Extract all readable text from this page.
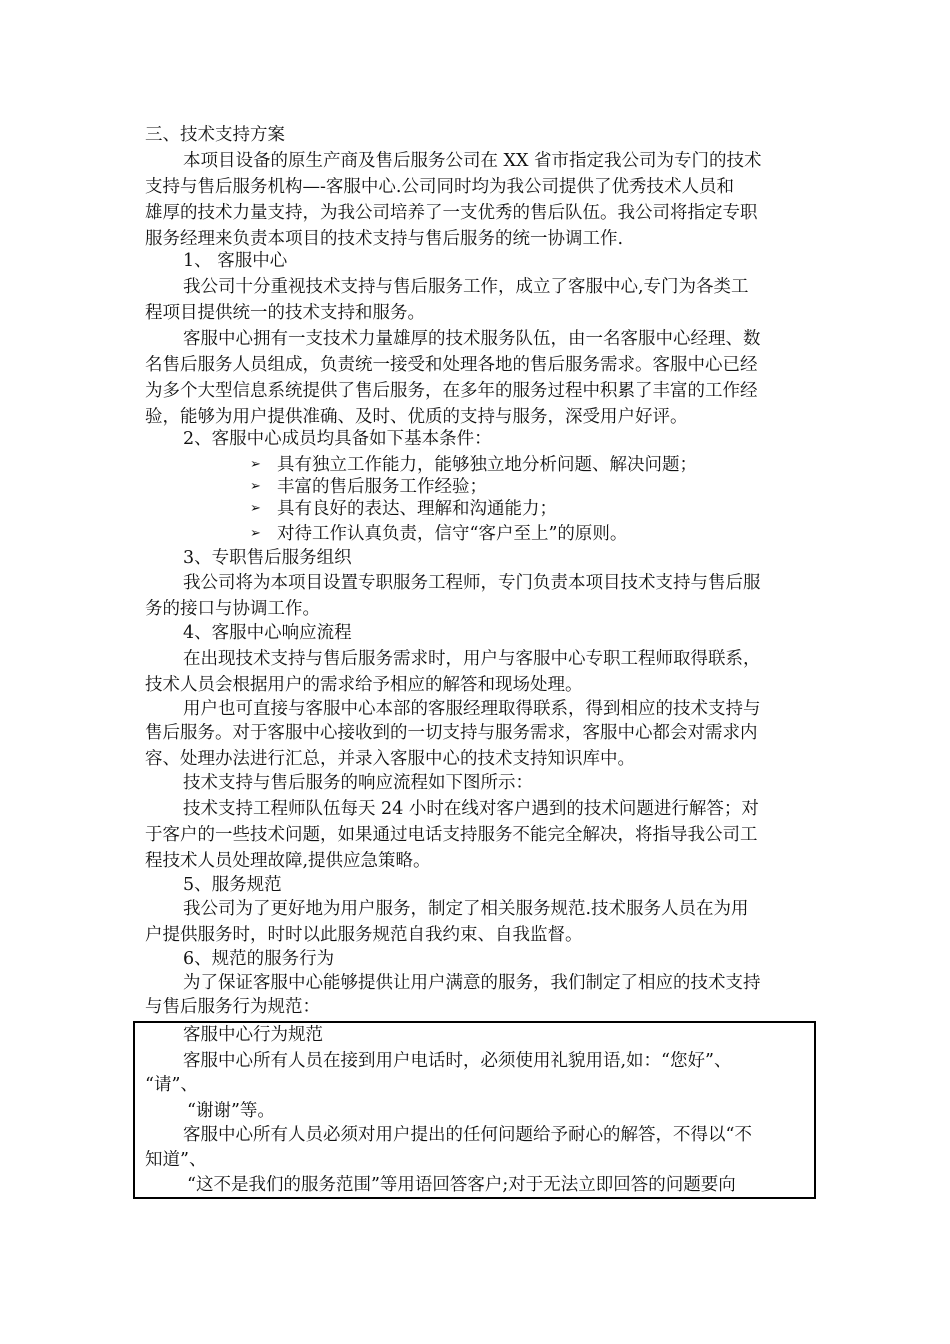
三、技术支持方案
本项目设备的原生产商及售后服务公司在 XX 省市指定我公司为专门的技术
支持与售后服务机构—-客服中心.公司同时均为我公司提供了优秀技术人员和
雄厚的技术力量支持，为我公司培养了一支优秀的售后队伍。我公司将指定专职
服务经理来负责本项目的技术支持与售后服务的统一协调工作.
1、 客服中心
我公司十分重视技术支持与售后服务工作，成立了客服中心,专门为各类工
程项目提供统一的技术支持和服务。
客服中心拥有一支技术力量雄厚的技术服务队伍，由一名客服中心经理、数
名售后服务人员组成，负责统一接受和处理各地的售后服务需求。客服中心已经
为多个大型信息系统提供了售后服务，在多年的服务过程中积累了丰富的工作经
验，能够为用户提供准确、及时、优质的支持与服务，深受用户好评。
2、客服中心成员均具备如下基本条件：
➢ 具有独立工作能力，能够独立地分析问题、解决问题；
➢ 丰富的售后服务工作经验；
➢ 具有良好的表达、理解和沟通能力；
➢ 对待工作认真负责，信守“客户至上”的原则。
3、专职售后服务组织
我公司将为本项目设置专职服务工程师，专门负责本项目技术支持与售后服
务的接口与协调工作。
4、客服中心响应流程
在出现技术支持与售后服务需求时，用户与客服中心专职工程师取得联系，
技术人员会根据用户的需求给予相应的解答和现场处理。
用户也可直接与客服中心本部的客服经理取得联系，得到相应的技术支持与
售后服务。对于客服中心接收到的一切支持与服务需求，客服中心都会对需求内
容、处理办法进行汇总，并录入客服中心的技术支持知识库中。
技术支持与售后服务的响应流程如下图所示：
技术支持工程师队伍每天 24 小时在线对客户遇到的技术问题进行解答；对
于客户的一些技术问题，如果通过电话支持服务不能完全解决，将指导我公司工
程技术人员处理故障,提供应急策略。
5、服务规范
我公司为了更好地为用户服务，制定了相关服务规范.技术服务人员在为用
户提供服务时，时时以此服务规范自我约束、自我监督。
6、规范的服务行为
为了保证客服中心能够提供让用户满意的服务，我们制定了相应的技术支持
与售后服务行为规范：
客服中心行为规范
客服中心所有人员在接到用户电话时，必须使用礼貌用语,如：“您好”、
“请”、
“谢谢”等。
客服中心所有人员必须对用户提出的任何问题给予耐心的解答，不得以“不
知道”、
“这不是我们的服务范围”等用语回答客户;对于无法立即回答的问题要向
